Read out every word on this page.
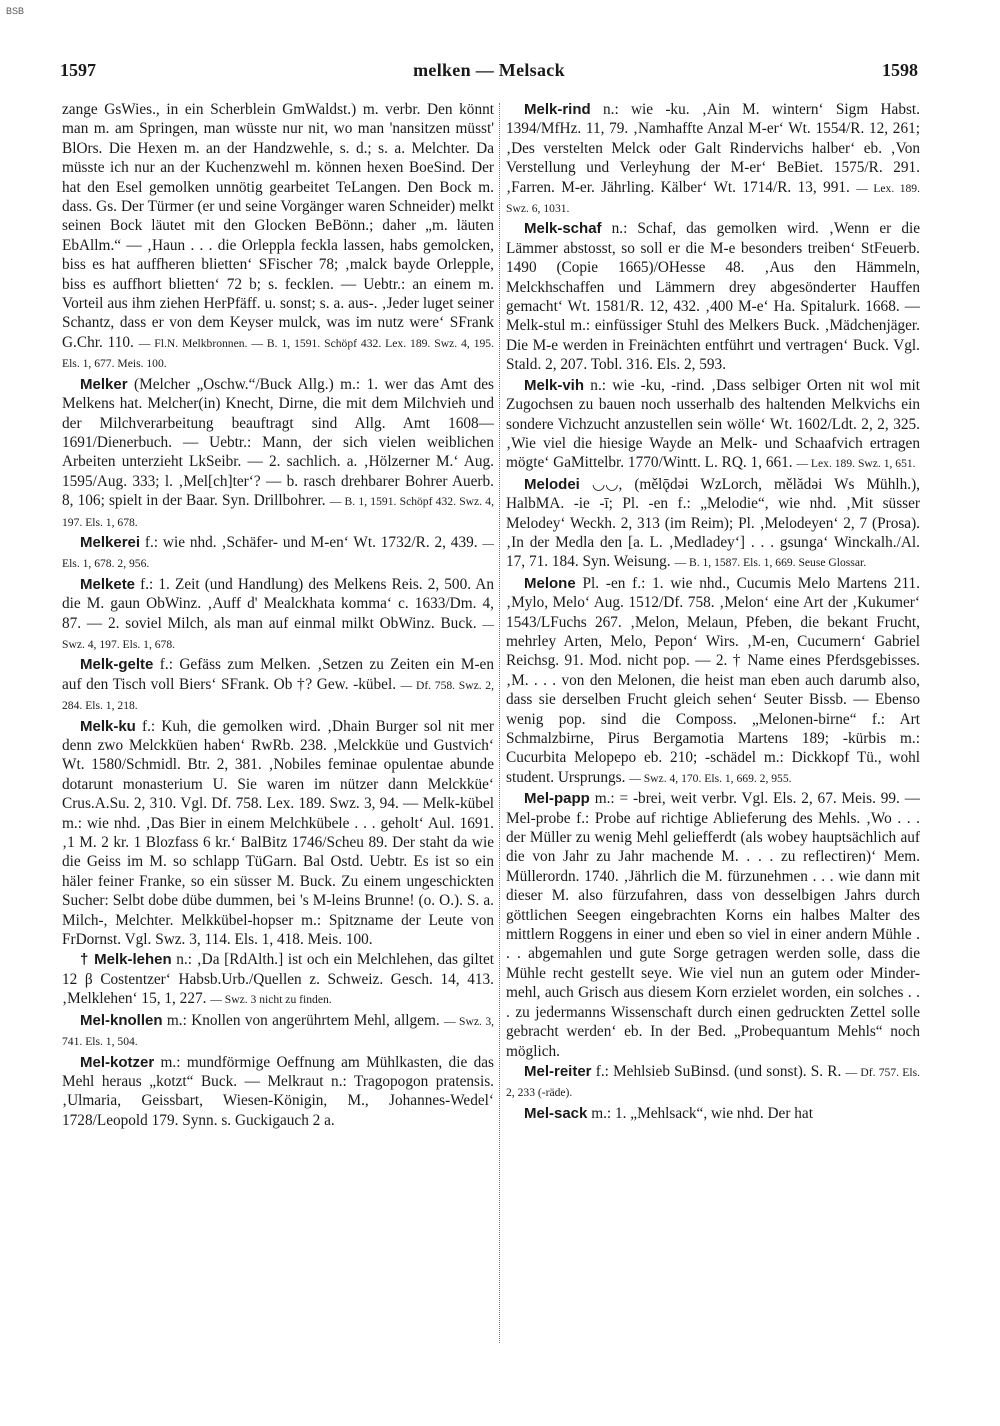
BSB
1597	melken — Melsack	1598
zange GsWies., in ein Scherblein GmWaldst.) m. verbr. Den könnt man m. am Springen, man wüsste nur nit, wo man 'nansitzen müsst' BlOrs. Die Hexen m. an der Handzwehle, s. d.; s. a. Melchter. Da müsste ich nur an der Kuchenzwehl m. können hexen BoeSind. Der hat den Esel gemolken unnötig gearbeitet TeLangen. Den Bock m. dass. Gs. Der Türmer (er und seine Vorgänger waren Schneider) melkt seinen Bock läutet mit den Glocken BeBönn.; daher „m. läuten EbAllm.“ — ‚Haun . . . die Orleppla feckla lassen, habs gemolcken, biss es hat auffheren blietten‘ SFischer 78; ‚malck bayde Orlepple, biss es auffhort blietten‘ 72 b; s. fecklen. — Uebtr.: an einem m. Vorteil aus ihm ziehen HerPfäff. u. sonst; s. a. aus-. ‚Jeder luget seiner Schantz, dass er von dem Keyser mulck, was im nutz were‘ SFrank G.Chr. 110. — Fl.N. Melkbronnen. — B. 1, 1591. Schöpf 432. Lex. 189. Swz. 4, 195. Els. 1, 677. Meis. 100.
Melker (Melcher „Oschw.“/Buck Allg.) m.: 1. wer das Amt des Melkens hat. Melcher(in) Knecht, Dirne, die mit dem Milchvieh und der Milchverarbeitung beauftragt sind Allg. Amt 1608—1691/Dienerbuch. — Uebtr.: Mann, der sich vielen weiblichen Arbeiten unterzieht LkSeibr. — 2. sachlich. a. ‚Hölzerner M.‘ Aug. 1595/Aug. 333; l. ‚Mel[ch]ter‘? — b. rasch drehbarer Bohrer Auerb. 8, 106; spielt in der Baar. Syn. Drillbohrer. — B. 1, 1591. Schöpf 432. Swz. 4, 197. Els. 1, 678.
Melkerei f.: wie nhd. ‚Schäfer- und M-en‘ Wt. 1732/R. 2, 439. — Els. 1, 678. 2, 956.
Melkete f.: 1. Zeit (und Handlung) des Melkens Reis. 2, 500. An die M. gaun ObWinz. ‚Auff d' Mealckhata komma‘ c. 1633/Dm. 4, 87. — 2. soviel Milch, als man auf einmal milkt ObWinz. Buck. — Swz. 4, 197. Els. 1, 678.
Melk-gelte f.: Gefäss zum Melken. ‚Setzen zu Zeiten ein M-en auf den Tisch voll Biers‘ SFrank. Ob †? Gew. -kübel. — Df. 758. Swz. 2, 284. Els. 1, 218.
Melk-ku f.: Kuh, die gemolken wird. ‚Dhain Burger sol nit mer denn zwo Melckküen haben‘ RwRb. 238. ‚Melckküe und Gustvich‘ Wt. 1580/Schmidl. Btr. 2, 381. ‚Nobiles feminae opulentae abunde dotarunt monasterium U. Sie waren im nützer dann Melckküe‘ Crus.A.Su. 2, 310. Vgl. Df. 758. Lex. 189. Swz. 3, 94. — Melk-kübel m.: wie nhd. ‚Das Bier in einem Melchkübele . . . geholt‘ Aul. 1691. ‚1 M. 2 kr. 1 Blozfass 6 kr.‘ BalBitz 1746/Scheu 89. Der staht da wie die Geiss im M. so schlapp TüGarn. Bal Ostd. Uebtr. Es ist so ein häler feiner Franke, so ein süsser M. Buck. Zu einem ungeschickten Sucher: Selbt dobe dübe dummen, bei 's M-leins Brunne! (o. O.). S. a. Milch-, Melchter. Melkkübel-hopser m.: Spitzname der Leute von FrDornst. Vgl. Swz. 3, 114. Els. 1, 418. Meis. 100.
† Melk-lehen n.: ‚Da [RdAlth.] ist och ein Melchlehen, das giltet 12 β Costentzer‘ Habsb.Urb./Quellen z. Schweiz. Gesch. 14, 413. ‚Melklehen‘ 15, 1, 227. — Swz. 3 nicht zu finden.
Mel-knollen m.: Knollen von angerührtem Mehl, allgem. — Swz. 3, 741. Els. 1, 504.
Mel-kotzer m.: mundförmige Oeffnung am Mühlkasten, die das Mehl heraus „kotzt“ Buck. — Melkraut n.: Tragopogon pratensis. ‚Ulmaria, Geissbart, Wiesen-Königin, M., Johannes-Wedel‘ 1728/Leopold 179. Synn. s. Guckigauch 2 a.
Melk-rind n.: wie -ku. ‚Ain M. wintern‘ Sigm Habst. 1394/MfHz. 11, 79. ‚Namhaffte Anzal M-er‘ Wt. 1554/R. 12, 261; ‚Des verstelten Melck oder Galt Rindervichs halber‘ eb. ‚Von Verstellung und Verleyhung der M-er‘ BeBiet. 1575/R. 291. ‚Farren. M-er. Jährling. Kälber‘ Wt. 1714/R. 13, 991. — Lex. 189. Swz. 6, 1031.
Melk-schaf n.: Schaf, das gemolken wird. ‚Wenn er die Lämmer abstosst, so soll er die M-e besonders treiben‘ StFeuerb. 1490 (Copie 1665)/OHesse 48. ‚Aus den Hämmeln, Melckhschaffen und Lämmern drey abgesönderter Hauffen gemacht‘ Wt. 1581/R. 12, 432. ‚400 M-e‘ Ha. Spitalurk. 1668. — Melk-stul m.: einfüssiger Stuhl des Melkers Buck. ‚Mädchenjäger. Die M-e werden in Freinächten entführt und vertragen‘ Buck. Vgl. Stald. 2, 207. Tobl. 316. Els. 2, 593.
Melk-vih n.: wie -ku, -rind. ‚Dass selbiger Orten nit wol mit Zugochsen zu bauen noch usserhalb des haltenden Melkvichs ein sondere Vichzucht anzustellen sein wölle‘ Wt. 1602/Ldt. 2, 2, 325. ‚Wie viel die hiesige Wayde an Melk- und Schaafvich ertragen mögte‘ GaMittelbr. 1770/Wintt. L. RQ. 1, 661. — Lex. 189. Swz. 1, 651.
Melodei ◡◡, (mělǭdəi WzLorch, mělădəi Ws Mühlh.), HalbMA. -ie -ī; Pl. -en f.: „Melodie“, wie nhd. ‚Mit süsser Melodey‘ Weckh. 2, 313 (im Reim); Pl. ‚Melodeyen‘ 2, 7 (Prosa). ‚In der Medla den [a. L. ‚Medladey‘] . . . gsunga‘ Winckalh./Al. 17, 71. 184. Syn. Weisung. — B. 1, 1587. Els. 1, 669. Seuse Glossar.
Melone Pl. -en f.: 1. wie nhd., Cucumis Melo Martens 211. ‚Mylo, Melo‘ Aug. 1512/Df. 758. ‚Melon‘ eine Art der ‚Kukumer‘ 1543/LFuchs 267. ‚Melon, Melaun, Pfeben, die bekant Frucht, mehrley Arten, Melo, Pepon‘ Wirs. ‚M-en, Cucumern‘ Gabriel Reichsg. 91. Mod. nicht pop. — 2. † Name eines Pferdsgebisses. ‚M. . . . von den Melonen, die heist man eben auch darumb also, dass sie derselben Frucht gleich sehen‘ Seuter Bissb. — Ebenso wenig pop. sind die Composs. „Melonen-birne“ f.: Art Schmalzbirne, Pirus Bergamotia Martens 189; -kürbis m.: Cucurbita Melopepo eb. 210; -schädel m.: Dickkopf Tü., wohl student. Ursprungs. — Swz. 4, 170. Els. 1, 669. 2, 955.
Mel-papp m.: = -brei, weit verbr. Vgl. Els. 2, 67. Meis. 99. — Mel-probe f.: Probe auf richtige Ablieferung des Mehls. ‚Wo . . . der Müller zu wenig Mehl geliefferdt (als wobey hauptsächlich auf die von Jahr zu Jahr machende M. . . . zu reflectiren)‘ Mem. Müllerordn. 1740. ‚Jährlich die M. fürzunehmen . . . wie dann mit dieser M. also fürzufahren, dass von desselbigen Jahrs durch göttlichen Seegen eingebrachten Korns ein halbes Malter des mittlern Roggens in einer und eben so viel in einer andern Mühle . . . abgemahlen und gute Sorge getragen werden solle, dass die Mühle recht gestellt seye. Wie viel nun an gutem oder Minder-mehl, auch Grisch aus diesem Korn erzielet worden, ein solches . . . zu jedermanns Wissenschaft durch einen gedruckten Zettel solle gebracht werden‘ eb. In der Bed. „Probequantum Mehls“ noch möglich.
Mel-reiter f.: Mehlsieb SuBinsd. (und sonst). S. R. — Df. 757. Els. 2, 233 (-räde).
Mel-sack m.: 1. „Mehlsack“, wie nhd. Der hat
